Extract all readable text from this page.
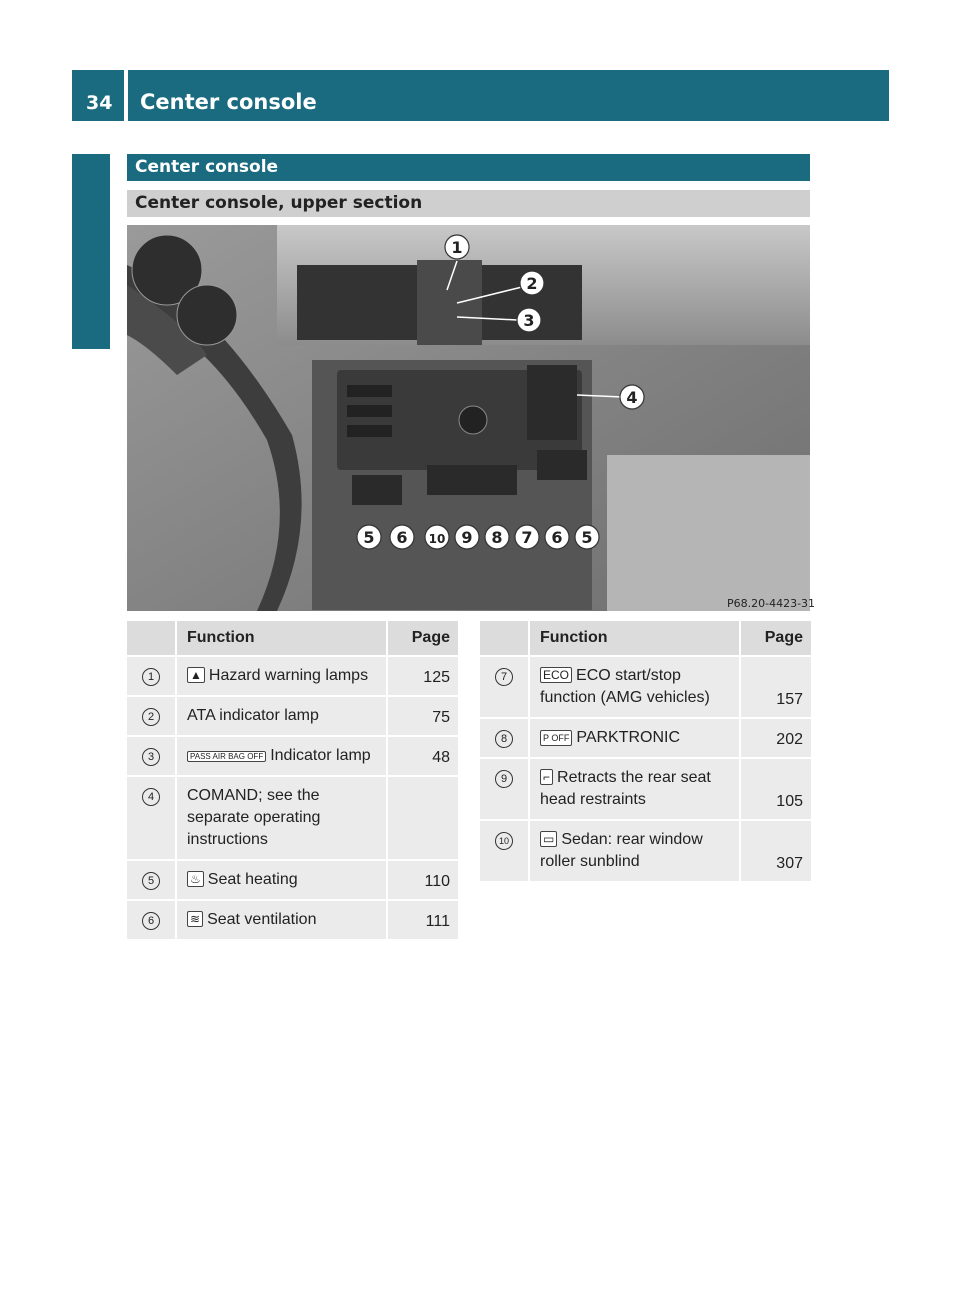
34 Center console
At a glance
Center console
Center console, upper section
1
2
3
4
5 6 10 9 8 7 6 5
P68.20-4423-31
	Function	Page
1	▲ Hazard warning lamps	125
2	ATA indicator lamp	75
3	PASS AIR BAG OFF Indicator lamp	48
4	COMAND; see the separate operating instructions	
5	♨ Seat heating	110
6	≋ Seat ventilation	111
	Function	Page
7	ECO ECO start/stop function (AMG vehicles)	157
8	P OFF PARKTRONIC	202
9	⌐ Retracts the rear seat head restraints	105
10	▭ Sedan: rear window roller sunblind	307
